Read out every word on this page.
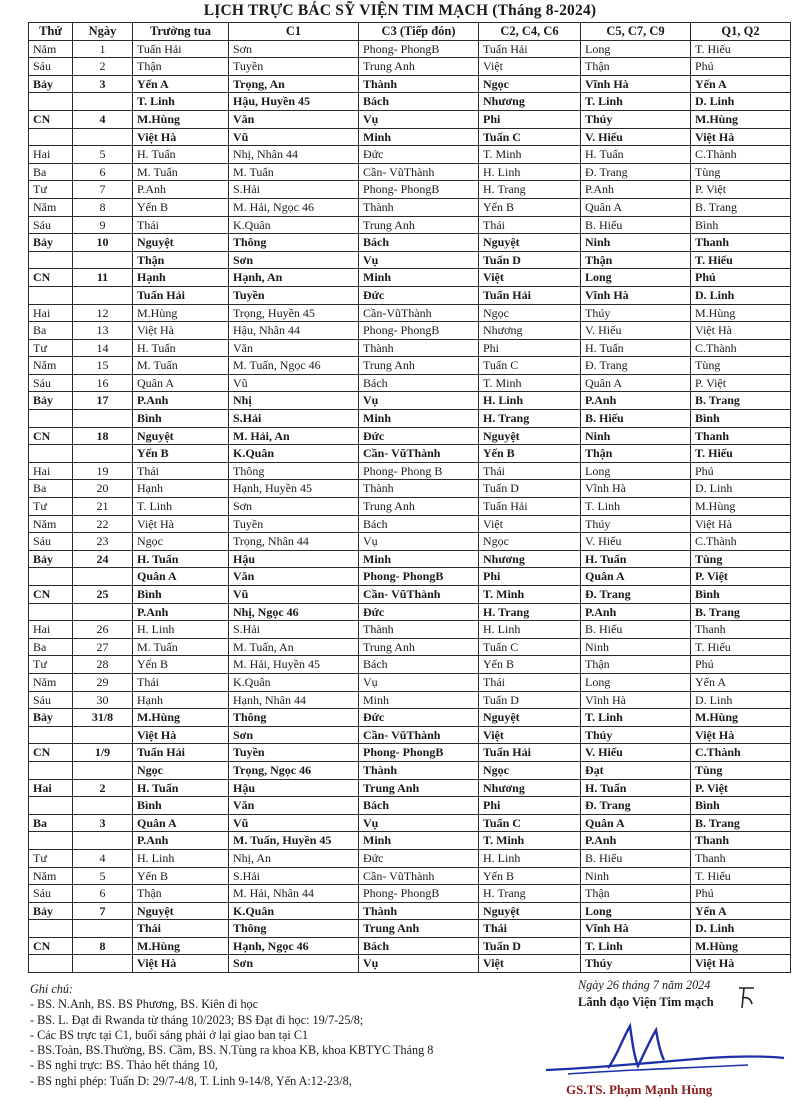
LỊCH TRỰC BÁC SỸ VIỆN TIM MẠCH (Tháng 8-2024)
Thứ	Ngày	Trưởng tua	C1	C3 (Tiếp đón)	C2, C4, C6	C5, C7, C9	Q1, Q2
Năm	1	Tuấn Hải	Sơn	Phong- PhongB	Tuấn Hải	Long	T. Hiếu
Sáu	2	Thận	Tuyền	Trung Anh	Việt	Thận	Phú
Bảy	3	Yến A	Trọng, An	Thành	Ngọc	Vĩnh Hà	Yến A
		T. Linh	Hậu, Huyền 45	Bách	Nhương	T. Linh	D. Linh
CN	4	M.Hùng	Văn	Vụ	Phi	Thúy	M.Hùng
		Việt Hà	Vũ	Minh	Tuấn C	V. Hiếu	Việt Hà
Hai	5	H. Tuấn	Nhị, Nhân 44	Đức	T. Minh	H. Tuấn	C.Thành
Ba	6	M. Tuấn	M. Tuấn	Cần- VũThành	H. Linh	Đ. Trang	Tùng
Tư	7	P.Anh	S.Hải	Phong- PhongB	H. Trang	P.Anh	P. Việt
Năm	8	Yến B	M. Hải, Ngọc 46	Thành	Yến B	Quân A	B. Trang
Sáu	9	Thái	K.Quân	Trung Anh	Thái	B. Hiếu	Bình
Bảy	10	Nguyệt	Thông	Bách	Nguyệt	Ninh	Thanh
		Thận	Sơn	Vụ	Tuấn D	Thận	T. Hiếu
CN	11	Hạnh	Hạnh, An	Minh	Việt	Long	Phú
		Tuấn Hải	Tuyền	Đức	Tuấn Hải	Vĩnh Hà	D. Linh
Hai	12	M.Hùng	Trọng, Huyền 45	Cần-VũThành	Ngọc	Thúy	M.Hùng
Ba	13	Việt Hà	Hậu, Nhân 44	Phong- PhongB	Nhương	V. Hiếu	Việt Hà
Tư	14	H. Tuấn	Văn	Thành	Phi	H. Tuấn	C.Thành
Năm	15	M. Tuấn	M. Tuấn, Ngọc 46	Trung Anh	Tuấn C	Đ. Trang	Tùng
Sáu	16	Quân A	Vũ	Bách	T. Minh	Quân A	P. Việt
Bảy	17	P.Anh	Nhị	Vụ	H. Linh	P.Anh	B. Trang
		Bình	S.Hải	Minh	H. Trang	B. Hiếu	Bình
CN	18	Nguyệt	M. Hải, An	Đức	Nguyệt	Ninh	Thanh
		Yến B	K.Quân	Cần- VũThành	Yến B	Thận	T. Hiếu
Hai	19	Thái	Thông	Phong- Phong B	Thái	Long	Phú
Ba	20	Hạnh	Hạnh, Huyền 45	Thành	Tuấn D	Vĩnh Hà	D. Linh
Tư	21	T. Linh	Sơn	Trung Anh	Tuấn Hải	T. Linh	M.Hùng
Năm	22	Việt Hà	Tuyền	Bách	Việt	Thúy	Việt Hà
Sáu	23	Ngọc	Trọng, Nhân 44	Vụ	Ngọc	V. Hiếu	C.Thành
Bảy	24	H. Tuấn	Hậu	Minh	Nhương	H. Tuấn	Tùng
		Quân A	Văn	Phong- PhongB	Phi	Quân A	P. Việt
CN	25	Bình	Vũ	Cần- VũThành	T. Minh	Đ. Trang	Bình
		P.Anh	Nhị, Ngọc 46	Đức	H. Trang	P.Anh	B. Trang
Hai	26	H. Linh	S.Hải	Thành	H. Linh	B. Hiếu	Thanh
Ba	27	M. Tuấn	M. Tuấn, An	Trung Anh	Tuấn C	Ninh	T. Hiếu
Tư	28	Yến B	M. Hải, Huyền 45	Bách	Yến B	Thận	Phú
Năm	29	Thái	K.Quân	Vụ	Thái	Long	Yến A
Sáu	30	Hạnh	Hạnh, Nhân 44	Minh	Tuấn D	Vĩnh Hà	D. Linh
Bảy	31/8	M.Hùng	Thông	Đức	Nguyệt	T. Linh	M.Hùng
		Việt Hà	Sơn	Cần- VũThành	Việt	Thúy	Việt Hà
CN	1/9	Tuấn Hải	Tuyền	Phong- PhongB	Tuấn Hải	V. Hiếu	C.Thành
		Ngọc	Trọng, Ngọc 46	Thành	Ngọc	Đạt	Tùng
Hai	2	H. Tuấn	Hậu	Trung Anh	Nhương	H. Tuấn	P. Việt
		Bình	Văn	Bách	Phi	Đ. Trang	Bình
Ba	3	Quân A	Vũ	Vụ	Tuấn C	Quân A	B. Trang
		P.Anh	M. Tuấn, Huyền 45	Minh	T. Minh	P.Anh	Thanh
Tư	4	H. Linh	Nhị, An	Đức	H. Linh	B. Hiếu	Thanh
Năm	5	Yến B	S.Hải	Cần- VũThành	Yến B	Ninh	T. Hiếu
Sáu	6	Thận	M. Hải, Nhân 44	Phong- PhongB	H. Trang	Thận	Phú
Bảy	7	Nguyệt	K.Quân	Thành	Nguyệt	Long	Yến A
		Thái	Thông	Trung Anh	Thái	Vĩnh Hà	D. Linh
CN	8	M.Hùng	Hạnh, Ngọc 46	Bách	Tuấn D	T. Linh	M.Hùng
		Việt Hà	Sơn	Vụ	Việt	Thúy	Việt Hà
Ghi chú:
- BS. N.Anh, BS. BS Phương, BS. Kiên đi học
- BS. L. Đạt đi Rwanda từ tháng 10/2023; BS Đạt đi học: 19/7-25/8;
- Các BS trực tại C1, buổi sáng phải ở lại giao ban tại C1
- BS.Toàn, BS.Thường, BS. Cầm, BS. N.Tùng ra khoa KB, khoa KBTYC Tháng 8
- BS nghỉ trực: BS. Thảo hết tháng 10,
- BS nghỉ phép: Tuấn D: 29/7-4/8, T. Linh 9-14/8, Yến A:12-23/8,
Ngày 26 tháng 7 năm 2024
Lãnh đạo Viện Tim mạch
GS.TS. Phạm Mạnh Hùng
